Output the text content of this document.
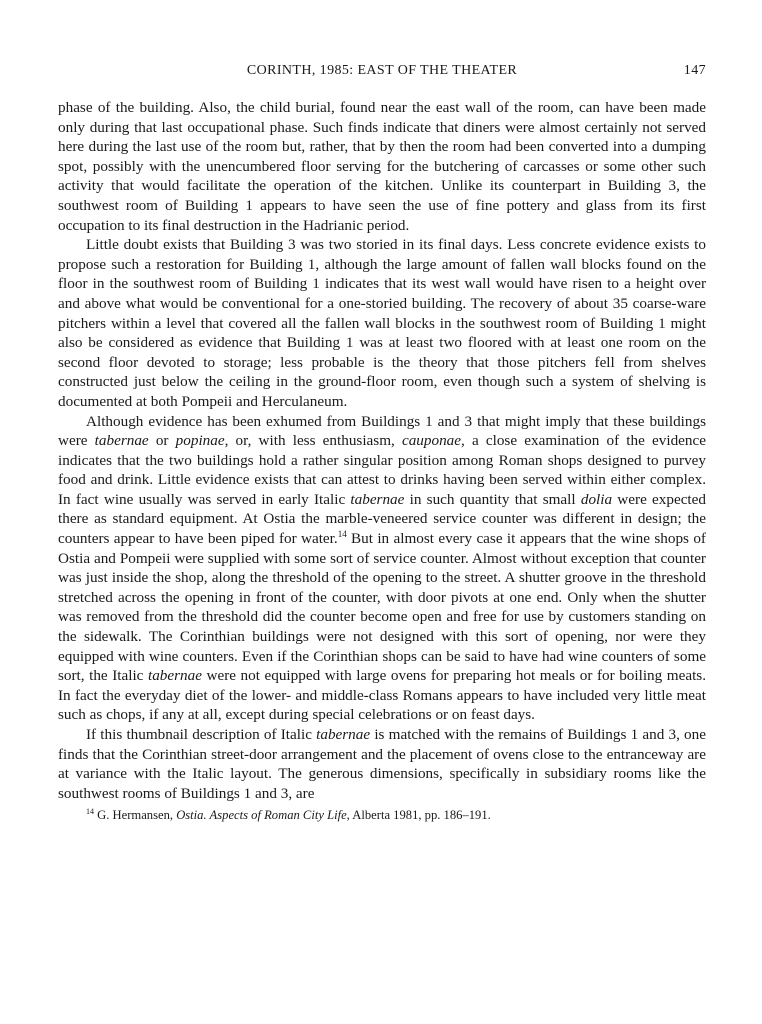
CORINTH, 1985: EAST OF THE THEATER	147

phase of the building. Also, the child burial, found near the east wall of the room, can have been made only during that last occupational phase. Such finds indicate that diners were almost certainly not served here during the last use of the room but, rather, that by then the room had been converted into a dumping spot, possibly with the unencumbered floor serving for the butchering of carcasses or some other such activity that would facilitate the operation of the kitchen. Unlike its counterpart in Building 3, the southwest room of Building 1 appears to have seen the use of fine pottery and glass from its first occupation to its final destruction in the Hadrianic period.

Little doubt exists that Building 3 was two storied in its final days. Less concrete evidence exists to propose such a restoration for Building 1, although the large amount of fallen wall blocks found on the floor in the southwest room of Building 1 indicates that its west wall would have risen to a height over and above what would be conventional for a one-storied building. The recovery of about 35 coarse-ware pitchers within a level that covered all the fallen wall blocks in the southwest room of Building 1 might also be considered as evidence that Building 1 was at least two floored with at least one room on the second floor devoted to storage; less probable is the theory that those pitchers fell from shelves constructed just below the ceiling in the ground-floor room, even though such a system of shelving is documented at both Pompeii and Herculaneum.

Although evidence has been exhumed from Buildings 1 and 3 that might imply that these buildings were tabernae or popinae, or, with less enthusiasm, cauponae, a close examination of the evidence indicates that the two buildings hold a rather singular position among Roman shops designed to purvey food and drink. Little evidence exists that can attest to drinks having been served within either complex. In fact wine usually was served in early Italic tabernae in such quantity that small dolia were expected there as standard equipment. At Ostia the marble-veneered service counter was different in design; the counters appear to have been piped for water.$^{14}$ But in almost every case it appears that the wine shops of Ostia and Pompeii were supplied with some sort of service counter. Almost without exception that counter was just inside the shop, along the threshold of the opening to the street. A shutter groove in the threshold stretched across the opening in front of the counter, with door pivots at one end. Only when the shutter was removed from the threshold did the counter become open and free for use by customers standing on the sidewalk. The Corinthian buildings were not designed with this sort of opening, nor were they equipped with wine counters. Even if the Corinthian shops can be said to have had wine counters of some sort, the Italic tabernae were not equipped with large ovens for preparing hot meals or for boiling meats. In fact the everyday diet of the lower- and middle-class Romans appears to have included very little meat such as chops, if any at all, except during special celebrations or on feast days.

If this thumbnail description of Italic tabernae is matched with the remains of Buildings 1 and 3, one finds that the Corinthian street-door arrangement and the placement of ovens close to the entranceway are at variance with the Italic layout. The generous dimensions, specifically in subsidiary rooms like the southwest rooms of Buildings 1 and 3, are

$^{14}$ G. Hermansen, Ostia. Aspects of Roman City Life, Alberta 1981, pp. 186–191.
